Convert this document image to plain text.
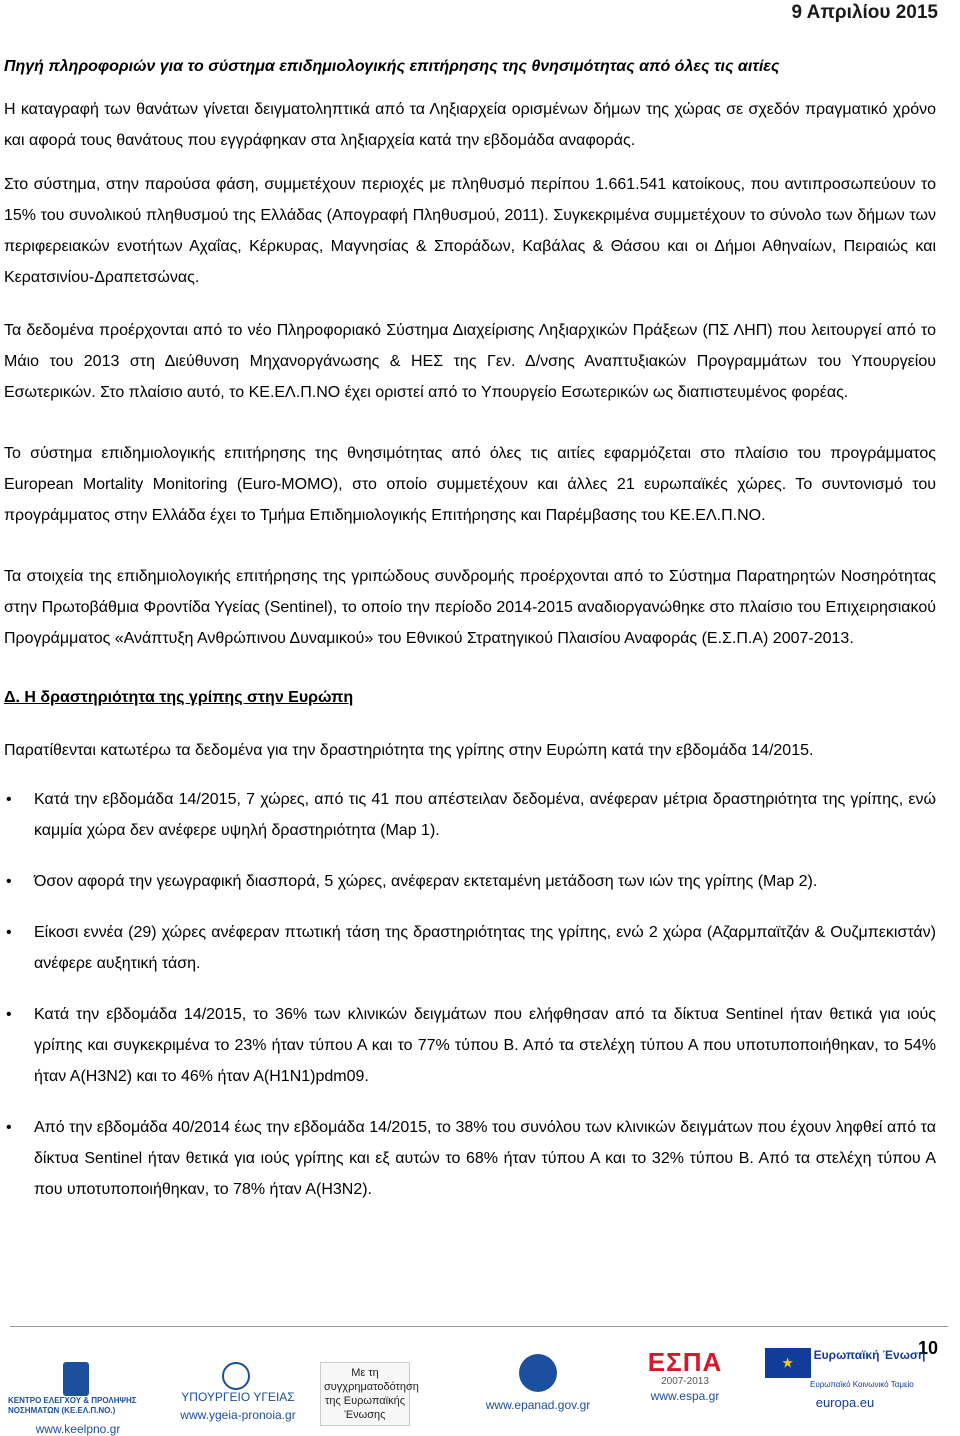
9 Απριλίου 2015
Πηγή πληροφοριών για το σύστημα επιδημιολογικής επιτήρησης της θνησιμότητας από όλες τις αιτίες

Η καταγραφή των θανάτων γίνεται δειγματοληπτικά από τα Ληξιαρχεία ορισμένων δήμων της χώρας σε σχεδόν πραγματικό χρόνο και αφορά τους θανάτους που εγγράφηκαν στα ληξιαρχεία κατά την εβδομάδα αναφοράς.

Στο σύστημα, στην παρούσα φάση, συμμετέχουν περιοχές με πληθυσμό περίπου 1.661.541 κατοίκους, που αντιπροσωπεύουν το 15% του συνολικού πληθυσμού της Ελλάδας (Απογραφή Πληθυσμού, 2011). Συγκεκριμένα συμμετέχουν το σύνολο των δήμων των περιφερειακών ενοτήτων Αχαΐας, Κέρκυρας, Μαγνησίας & Σποράδων, Καβάλας & Θάσου και οι Δήμοι Αθηναίων, Πειραιώς και Κερατσινίου-Δραπετσώνας.

Τα δεδομένα προέρχονται από το νέο Πληροφοριακό Σύστημα Διαχείρισης Ληξιαρχικών Πράξεων (ΠΣ ΛΗΠ) που λειτουργεί από το Μάιο του 2013 στη Διεύθυνση Μηχανοργάνωσης & ΗΕΣ της Γεν. Δ/νσης Αναπτυξιακών Προγραμμάτων του Υπουργείου Εσωτερικών. Στο πλαίσιο αυτό, το ΚΕ.ΕΛ.Π.ΝΟ έχει οριστεί από το Υπουργείο Εσωτερικών ως διαπιστευμένος φορέας.

Το σύστημα επιδημιολογικής επιτήρησης της θνησιμότητας από όλες τις αιτίες εφαρμόζεται στο πλαίσιο του προγράμματος European Mortality Monitoring (Euro-MOMO), στο οποίο συμμετέχουν και άλλες 21 ευρωπαϊκές χώρες. Το συντονισμό του προγράμματος στην Ελλάδα έχει το Τμήμα Επιδημιολογικής Επιτήρησης και Παρέμβασης του ΚΕ.ΕΛ.Π.ΝΟ.

Τα στοιχεία της επιδημιολογικής επιτήρησης της γριπώδους συνδρομής προέρχονται από το Σύστημα Παρατηρητών Νοσηρότητας στην Πρωτοβάθμια Φροντίδα Υγείας (Sentinel), το οποίο την περίοδο 2014-2015 αναδιοργανώθηκε στο πλαίσιο του Επιχειρησιακού Προγράμματος «Ανάπτυξη Ανθρώπινου Δυναμικού» του Εθνικού Στρατηγικού Πλαισίου Αναφοράς (Ε.Σ.Π.Α) 2007-2013.

Δ. Η δραστηριότητα της γρίπης στην Ευρώπη

Παρατίθενται κατωτέρω τα δεδομένα για την δραστηριότητα της γρίπης στην Ευρώπη κατά την εβδομάδα 14/2015.

• Κατά την εβδομάδα 14/2015, 7 χώρες, από τις 41 που απέστειλαν δεδομένα, ανέφεραν μέτρια δραστηριότητα της γρίπης, ενώ καμμία χώρα δεν ανέφερε υψηλή δραστηριότητα (Map 1).
• Όσον αφορά την γεωγραφική διασπορά, 5 χώρες, ανέφεραν εκτεταμένη μετάδοση των ιών της γρίπης (Map 2).
• Είκοσι εννέα (29) χώρες ανέφεραν πτωτική τάση της δραστηριότητας της γρίπης, ενώ 2 χώρα (Αζαρμπαϊτζάν & Ουζμπεκιστάν) ανέφερε αυξητική τάση.
• Κατά την εβδομάδα 14/2015, το 36% των κλινικών δειγμάτων που ελήφθησαν από τα δίκτυα Sentinel ήταν θετικά για ιούς γρίπης και συγκεκριμένα το 23% ήταν τύπου Α και το 77% τύπου Β. Από τα στελέχη τύπου Α που υποτυποποιήθηκαν, το 54% ήταν Α(Η3Ν2) και το 46% ήταν Α(Η1Ν1)pdm09.
• Από την εβδομάδα 40/2014 έως την εβδομάδα 14/2015, το 38% του συνόλου των κλινικών δειγμάτων που έχουν ληφθεί από τα δίκτυα Sentinel ήταν θετικά για ιούς γρίπης και εξ αυτών το 68% ήταν τύπου Α και το 32% τύπου Β. Από τα στελέχη τύπου Α που υποτυποποιήθηκαν, το 78% ήταν Α(Η3Ν2).
10
ΚΕΝΤΡΟ ΕΛΕΓΧΟΥ & ΠΡΟΛΗΨΗΣ ΝΟΣΗΜΑΤΩΝ (ΚΕ.ΕΛ.Π.ΝΟ.)
www.keelpno.gr
ΥΠΟΥΡΓΕΙΟ ΥΓΕΙΑΣ
www.ygeia-pronoia.gr
Με τη συγχρηματοδότηση της Ευρωπαϊκής Ένωσης
www.epanad.gov.gr
ΕΣΠΑ
2007-2013
www.espa.gr
★ Ευρωπαϊκή Ένωση
Ευρωπαϊκό Κοινωνικό Ταμείο
europa.eu
